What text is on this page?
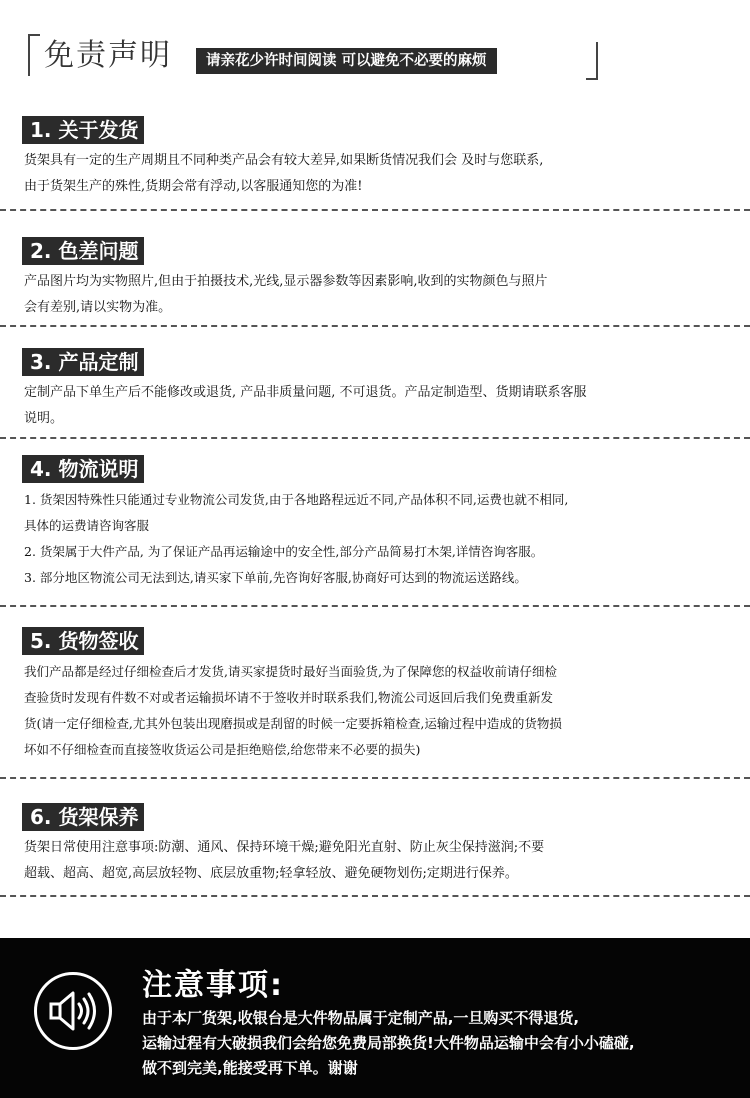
免责声明	请亲花少许时间阅读 可以避免不必要的麻烦
1. 关于发货

货架具有一定的生产周期且不同种类产品会有较大差异,如果断货情况我们会 及时与您联系,

由于货架生产的殊性,货期会常有浮动,以客服通知您的为准!

2. 色差问题

产品图片均为实物照片,但由于拍摄技术,光线,显示器参数等因素影响,收到的实物颜色与照片

会有差别,请以实物为准。

3. 产品定制

定制产品下单生产后不能修改或退货, 产品非质量问题, 不可退货。产品定制造型、货期请联系客服

说明。

4. 物流说明

1. 货架因特殊性只能通过专业物流公司发货,由于各地路程远近不同,产品体积不同,运费也就不相同,

具体的运费请咨询客服

2. 货架属于大件产品, 为了保证产品再运输途中的安全性,部分产品简易打木架,详情咨询客服。

3. 部分地区物流公司无法到达,请买家下单前,先咨询好客服,协商好可达到的物流运送路线。

5. 货物签收

我们产品都是经过仔细检查后才发货,请买家提货时最好当面验货,为了保障您的权益收前请仔细检

查验货时发现有件数不对或者运输损坏请不于签收并时联系我们,物流公司返回后我们免费重新发

货(请一定仔细检查,尤其外包装出现磨损或是刮留的时候一定要拆箱检查,运输过程中造成的货物损

坏如不仔细检查而直接签收货运公司是拒绝赔偿,给您带来不必要的损失)

6. 货架保养

货架日常使用注意事项:防潮、通风、保持环境干燥;避免阳光直射、防止灰尘保持滋润;不要

超载、超高、超宽,高层放轻物、底层放重物;轻拿轻放、避免硬物划伤;定期进行保养。

注意事项:
由于本厂货架,收银台是大件物品属于定制产品,一旦购买不得退货,
运输过程有大破损我们会给您免费局部换货!大件物品运输中会有小小磕碰,
做不到完美,能接受再下单。谢谢
